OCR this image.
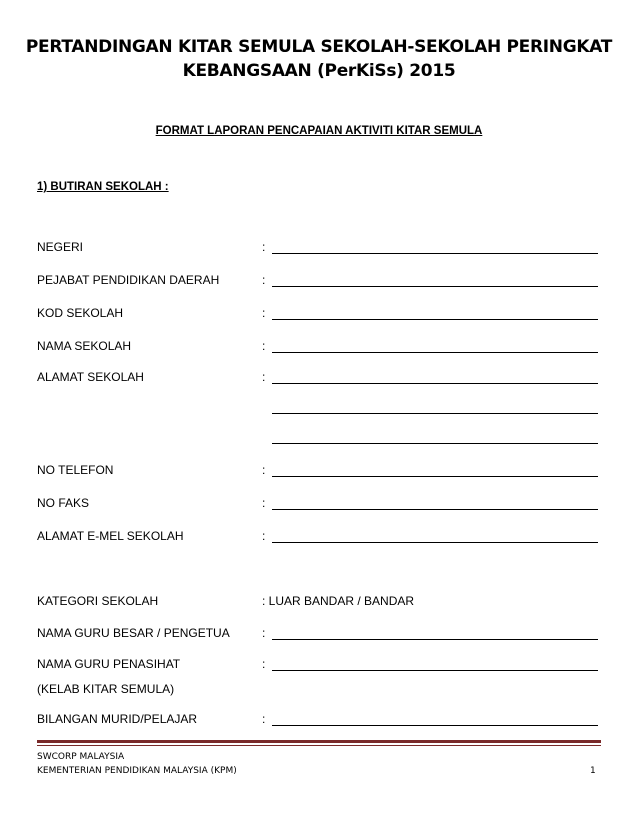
PERTANDINGAN KITAR SEMULA SEKOLAH-SEKOLAH PERINGKAT
KEBANGSAAN (PerKiSs) 2015
FORMAT LAPORAN PENCAPAIAN AKTIVITI KITAR SEMULA
1) BUTIRAN SEKOLAH :
NEGERI	:
PEJABAT PENDIDIKAN DAERAH	:
KOD SEKOLAH	:
NAMA SEKOLAH	:
ALAMAT SEKOLAH	:
NO TELEFON	:
NO FAKS	:
ALAMAT E-MEL SEKOLAH	:
KATEGORI SEKOLAH	: LUAR BANDAR / BANDAR
NAMA GURU BESAR / PENGETUA	:
NAMA GURU PENASIHAT	:
(KELAB KITAR SEMULA)
BILANGAN MURID/PELAJAR	:
SWCORP MALAYSIA
KEMENTERIAN PENDIDIKAN MALAYSIA (KPM)	1
